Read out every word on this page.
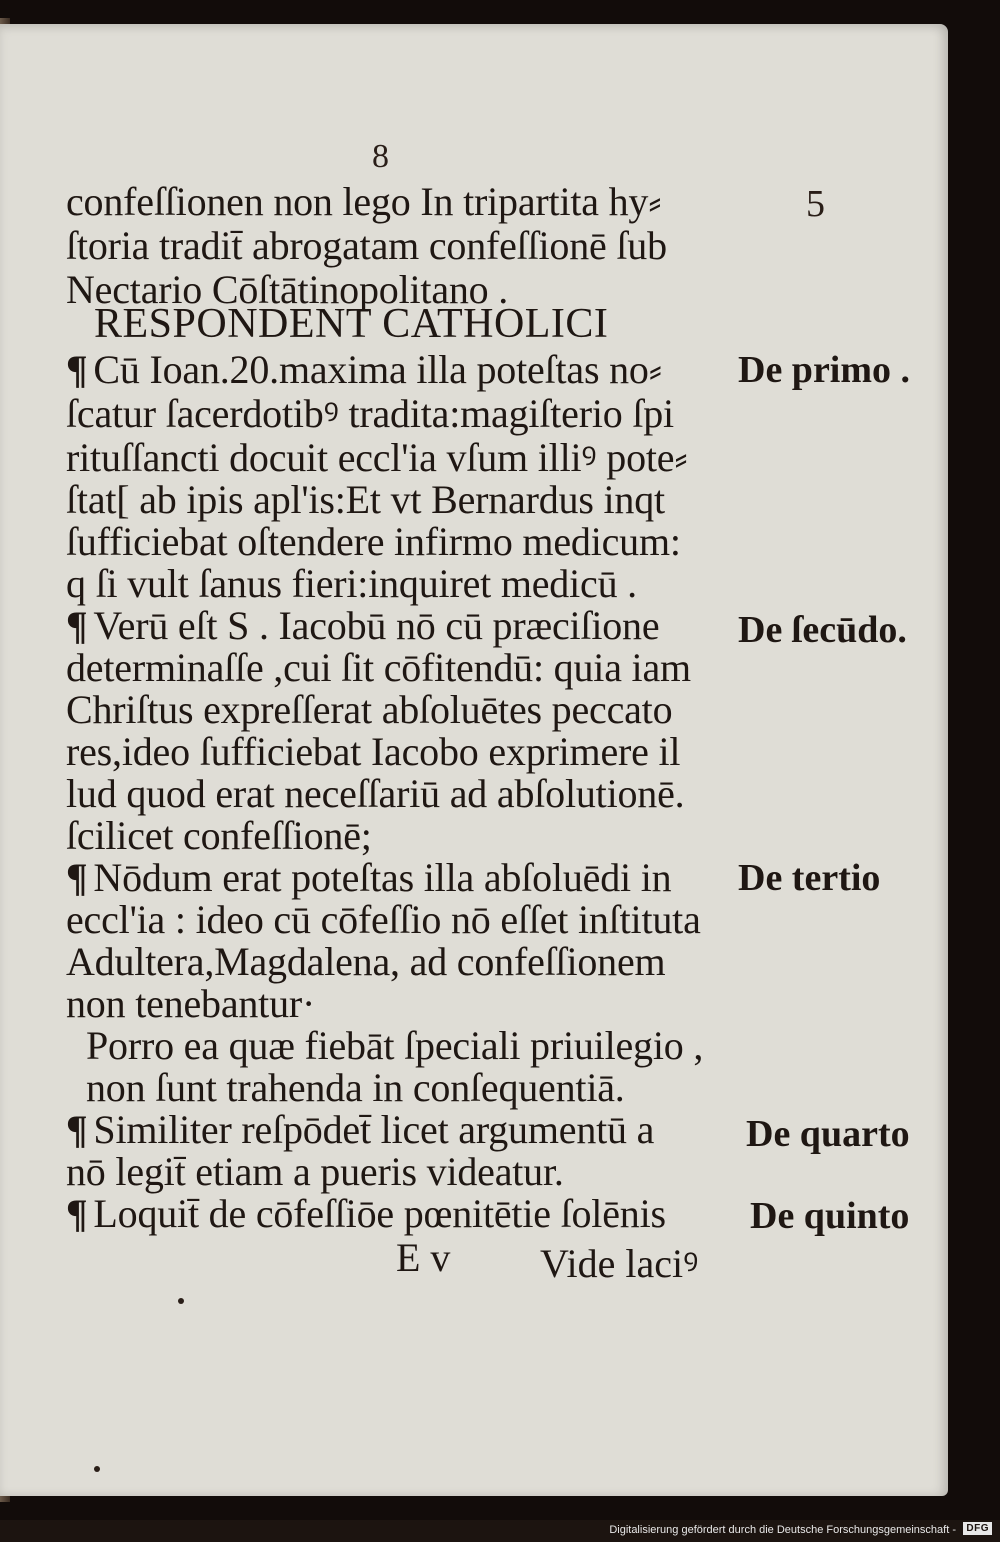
8
5
confeſſionen non lego In tripartita hy⸗
ſtoria tradit̄ abrogatam confeſſionē ſub
Nectario Cōſtātinopolitano .
RESPONDENT CATHOLICI
¶ Cū Ioan.20.maxima illa poteſtas no⸗
ſcatur ſacerdotibꝰ tradita:magiſterio ſpi
rituſſancti docuit eccl'ia vſum illiꝰ pote⸗
ſtat[ ab ipis apl'is:Et vt Bernardus inqt
ſufficiebat oſtendere infirmo medicum:
q ſi vult ſanus fieri:inquiret medicū .
¶ Verū eſt S . Iacobū nō cū præciſione
determinaſſe ,cui ſit cōfitendū: quia iam
Chriſtus expreſſerat abſoluētes peccato
res,ideo ſufficiebat Iacobo exprimere il
lud quod erat neceſſariū ad abſolutionē.
ſcilicet confeſſionē;
¶ Nōdum erat poteſtas illa abſoluēdi in
eccl'ia : ideo cū cōfeſſio nō eſſet inſtituta
Adultera,Magdalena, ad confeſſionem
non tenebantur·
Porro ea quæ fiebāt ſpeciali priuilegio ,
non ſunt trahenda in conſequentiā.
¶ Similiter reſpōdet̄ licet argumentū a
nō legit̄ etiam a pueris videatur.
¶ Loquit̄ de cōfeſſiōe pœnitētie ſolēnis
De primo .
De ſecūdo.
De tertio
De quarto
De quinto
E v Vide laciꝰ
Digitalisierung gefördert durch die Deutsche Forschungsgemeinschaft -	DFG
